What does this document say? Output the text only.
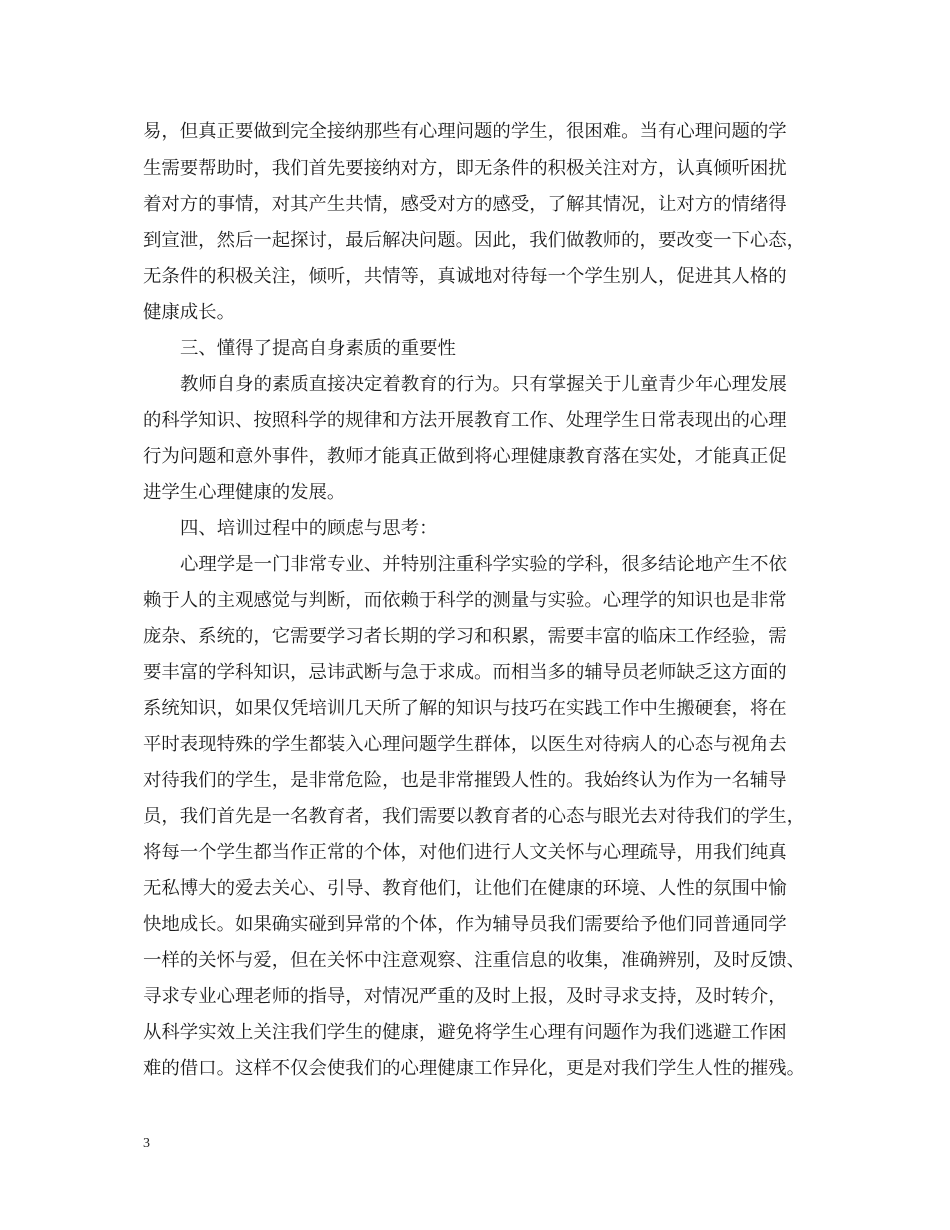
易，但真正要做到完全接纳那些有心理问题的学生，很困难。当有心理问题的学
生需要帮助时，我们首先要接纳对方，即无条件的积极关注对方，认真倾听困扰
着对方的事情，对其产生共情，感受对方的感受，了解其情况，让对方的情绪得
到宣泄，然后一起探讨，最后解决问题。因此，我们做教师的，要改变一下心态，
无条件的积极关注，倾听，共情等，真诚地对待每一个学生别人，促进其人格的
健康成长。
三、懂得了提高自身素质的重要性
教师自身的素质直接决定着教育的行为。只有掌握关于儿童青少年心理发展
的科学知识、按照科学的规律和方法开展教育工作、处理学生日常表现出的心理
行为问题和意外事件，教师才能真正做到将心理健康教育落在实处，才能真正促
进学生心理健康的发展。
四、培训过程中的顾虑与思考：
心理学是一门非常专业、并特别注重科学实验的学科，很多结论地产生不依
赖于人的主观感觉与判断，而依赖于科学的测量与实验。心理学的知识也是非常
庞杂、系统的，它需要学习者长期的学习和积累，需要丰富的临床工作经验，需
要丰富的学科知识，忌讳武断与急于求成。而相当多的辅导员老师缺乏这方面的
系统知识，如果仅凭培训几天所了解的知识与技巧在实践工作中生搬硬套，将在
平时表现特殊的学生都装入心理问题学生群体，以医生对待病人的心态与视角去
对待我们的学生，是非常危险，也是非常摧毁人性的。我始终认为作为一名辅导
员，我们首先是一名教育者，我们需要以教育者的心态与眼光去对待我们的学生，
将每一个学生都当作正常的个体，对他们进行人文关怀与心理疏导，用我们纯真
无私博大的爱去关心、引导、教育他们，让他们在健康的环境、人性的氛围中愉
快地成长。如果确实碰到异常的个体，作为辅导员我们需要给予他们同普通同学
一样的关怀与爱，但在关怀中注意观察、注重信息的收集，准确辨别，及时反馈、
寻求专业心理老师的指导，对情况严重的及时上报，及时寻求支持，及时转介，
从科学实效上关注我们学生的健康，避免将学生心理有问题作为我们逃避工作困
难的借口。这样不仅会使我们的心理健康工作异化，更是对我们学生人性的摧残。
3
